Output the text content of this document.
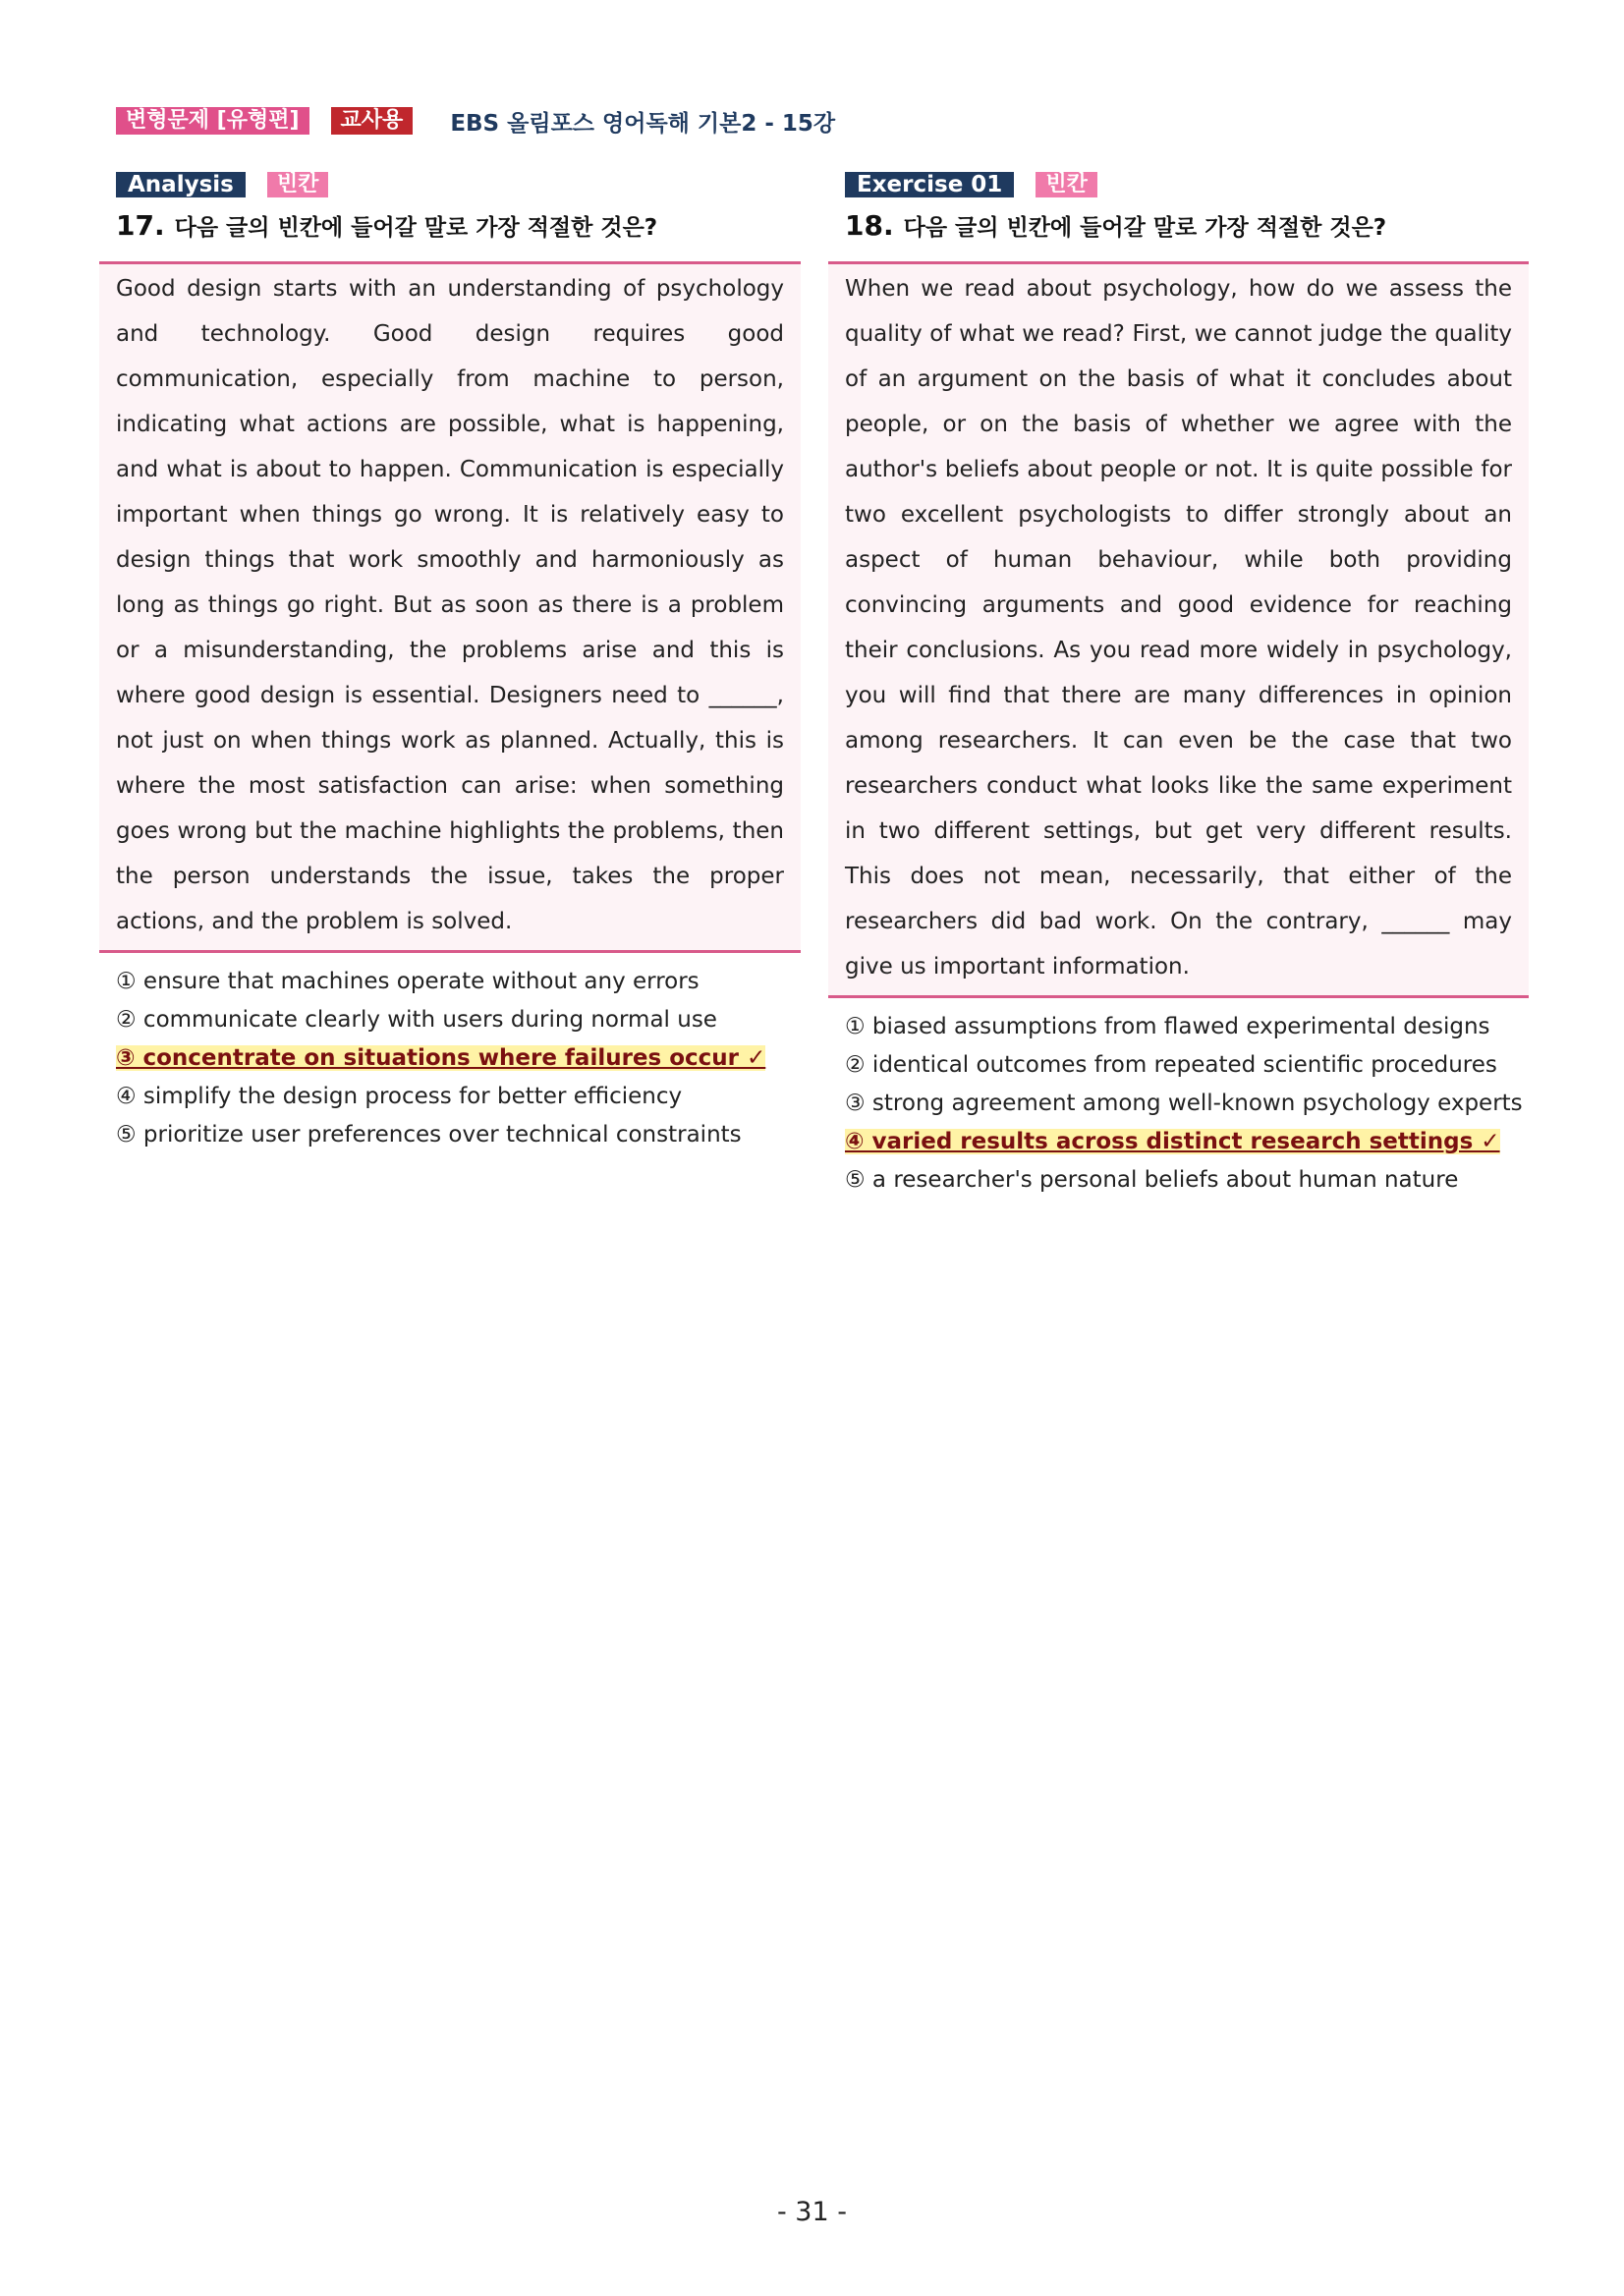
변형문제 [유형편]	교사용	EBS 올림포스 영어독해 기본2 - 15강
Analysis	빈칸
17. 다음 글의 빈칸에 들어갈 말로 가장 적절한 것은?

Good design starts with an understanding of psychology and technology. Good design requires good communication, especially from machine to person, indicating what actions are possible, what is happening, and what is about to happen. Communication is especially important when things go wrong. It is relatively easy to design things that work smoothly and harmoniously as long as things go right. But as soon as there is a problem or a misunderstanding, the problems arise and this is where good design is essential. Designers need to ______, not just on when things work as planned. Actually, this is where the most satisfaction can arise: when something goes wrong but the machine highlights the problems, then the person understands the issue, takes the proper actions, and the problem is solved.

① ensure that machines operate without any errors
② communicate clearly with users during normal use
③ concentrate on situations where failures occur ✓
④ simplify the design process for better efficiency
⑤ prioritize user preferences over technical constraints
Exercise 01	빈칸
18. 다음 글의 빈칸에 들어갈 말로 가장 적절한 것은?

When we read about psychology, how do we assess the quality of what we read? First, we cannot judge the quality of an argument on the basis of what it concludes about people, or on the basis of whether we agree with the author's beliefs about people or not. It is quite possible for two excellent psychologists to differ strongly about an aspect of human behaviour, while both providing convincing arguments and good evidence for reaching their conclusions. As you read more widely in psychology, you will find that there are many differences in opinion among researchers. It can even be the case that two researchers conduct what looks like the same experiment in two different settings, but get very different results. This does not mean, necessarily, that either of the researchers did bad work. On the contrary, ______ may give us important information.

① biased assumptions from flawed experimental designs
② identical outcomes from repeated scientific procedures
③ strong agreement among well-known psychology experts
④ varied results across distinct research settings ✓
⑤ a researcher's personal beliefs about human nature
- 31 -
